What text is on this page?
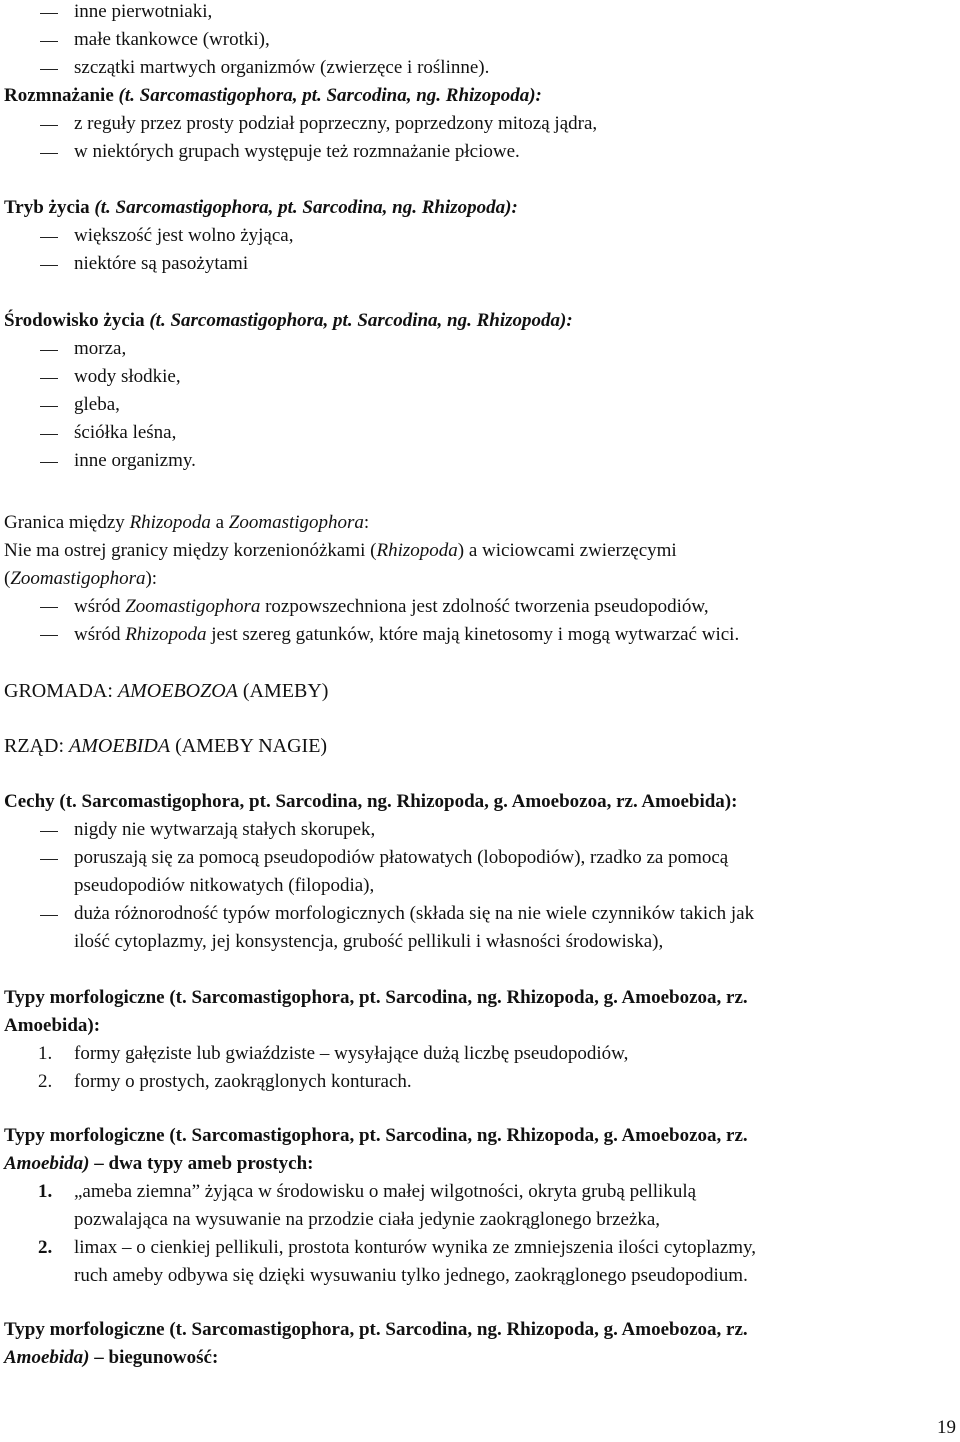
inne pierwotniaki,
małe tkankowce (wrotki),
szczątki martwych organizmów (zwierzęce i roślinne).
Rozmnażanie (t. Sarcomastigophora, pt. Sarcodina, ng. Rhizopoda):
z reguły przez prosty podział poprzeczny, poprzedzony mitozą jądra,
w niektórych grupach występuje też rozmnażanie płciowe.
Tryb życia (t. Sarcomastigophora, pt. Sarcodina, ng. Rhizopoda):
większość jest wolno żyjąca,
niektóre są pasożytami
Środowisko życia (t. Sarcomastigophora, pt. Sarcodina, ng. Rhizopoda):
morza,
wody słodkie,
gleba,
ściółka leśna,
inne organizmy.
Granica między Rhizopoda a Zoomastigophora:
Nie ma ostrej granicy między korzenionóżkami (Rhizopoda) a wiciowcami zwierzęcymi
(Zoomastigophora):
wśród Zoomastigophora rozpowszechniona jest zdolność tworzenia pseudopodiów,
wśród Rhizopoda jest szereg gatunków, które mają kinetosomy i mogą wytwarzać wici.
GROMADA: AMOEBOZOA (AMEBY)
RZĄD: AMOEBIDA (AMEBY NAGIE)
Cechy (t. Sarcomastigophora, pt. Sarcodina, ng. Rhizopoda, g. Amoebozoa, rz. Amoebida):
nigdy nie wytwarzają stałych skorupek,
poruszają się za pomocą pseudopodiów płatowatych (lobopodiów), rzadko za pomocą
pseudopodiów nitkowatych (filopodia),
duża różnorodność typów morfologicznych (składa się na nie wiele czynników takich jak
ilość cytoplazmy, jej konsystencja, grubość pellikuli i własności środowiska),
Typy morfologiczne (t. Sarcomastigophora, pt. Sarcodina, ng. Rhizopoda, g. Amoebozoa, rz.
Amoebida):
1. formy gałęziste lub gwiaździste – wysyłające dużą liczbę pseudopodiów,
2. formy o prostych, zaokrąglonych konturach.
Typy morfologiczne (t. Sarcomastigophora, pt. Sarcodina, ng. Rhizopoda, g. Amoebozoa, rz.
Amoebida) – dwa typy ameb prostych:
1. „ameba ziemna” żyjąca w środowisku o małej wilgotności, okryta grubą pellikulą
pozwalająca na wysuwanie na przodzie ciała jedynie zaokrąglonego brzeżka,
2. limax – o cienkiej pellikuli, prostota konturów wynika ze zmniejszenia ilości cytoplazmy,
ruch ameby odbywa się dzięki wysuwaniu tylko jednego, zaokrąglonego pseudopodium.
Typy morfologiczne (t. Sarcomastigophora, pt. Sarcodina, ng. Rhizopoda, g. Amoebozoa, rz.
Amoebida) – biegunowość:
19
